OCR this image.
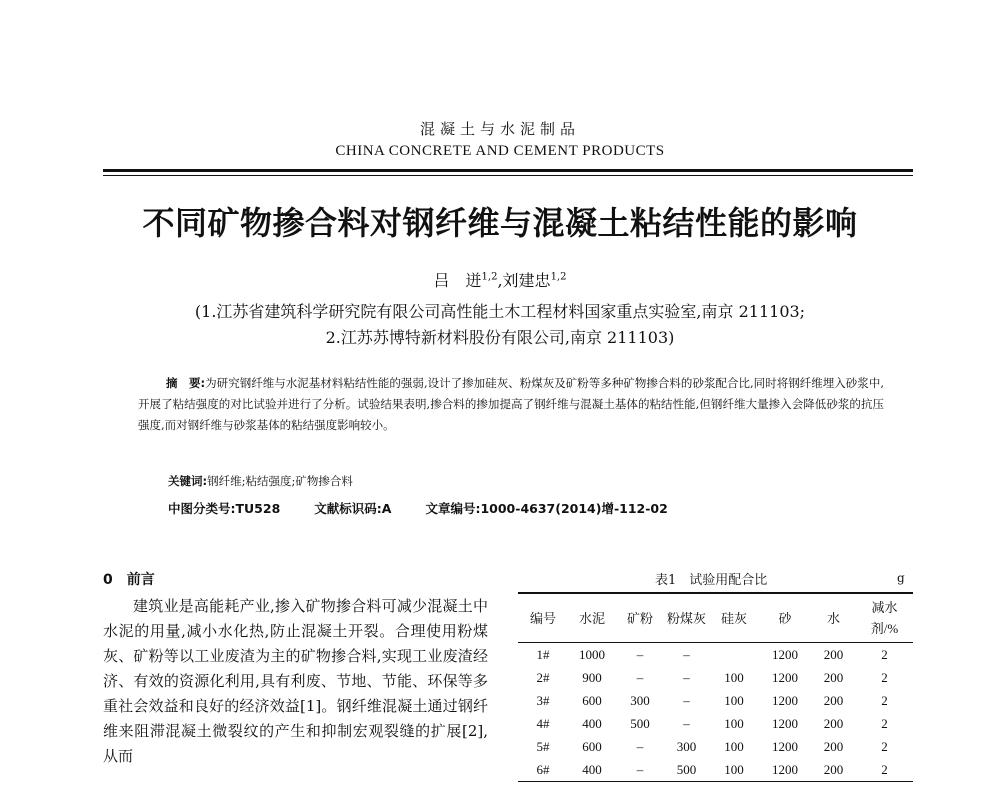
混凝土与水泥制品
CHINA CONCRETE AND CEMENT PRODUCTS
不同矿物掺合料对钢纤维与混凝土粘结性能的影响
吕　迸$^{1,2}$,刘建忠$^{1,2}$
(1.江苏省建筑科学研究院有限公司高性能土木工程材料国家重点实验室,南京 211103;
2.江苏苏博特新材料股份有限公司,南京 211103)
摘　要:为研究钢纤维与水泥基材料粘结性能的强弱,设计了掺加硅灰、粉煤灰及矿粉等多种矿物掺合料的砂浆配合比,同时将钢纤维埋入砂浆中,开展了粘结强度的对比试验并进行了分析。试验结果表明,掺合料的掺加提高了钢纤维与混凝土基体的粘结性能,但钢纤维大量掺入会降低砂浆的抗压强度,而对钢纤维与砂浆基体的粘结强度影响较小。
关键词:钢纤维;粘结强度;矿物掺合料
中图分类号:TU528	文献标识码:A	文章编号:1000-4637(2014)增-112-02
0　前言

建筑业是高能耗产业,掺入矿物掺合料可减少混凝土中水泥的用量,减小水化热,防止混凝土开裂。合理使用粉煤灰、矿粉等以工业废渣为主的矿物掺合料,实现工业废渣经济、有效的资源化利用,具有利废、节地、节能、环保等多重社会效益和良好的经济效益[1]。钢纤维混凝土通过钢纤维来阻滞混凝土微裂纹的产生和抑制宏观裂缝的扩展[2],从而

表1　试验用配合比	g
编号	水泥	矿粉	粉煤灰	硅灰	砂	水	减水剂/%
1#	1000	–	–		1200	200	2
2#	900	–	–	100	1200	200	2
3#	600	300	–	100	1200	200	2
4#	400	500	–	100	1200	200	2
5#	600	–	300	100	1200	200	2
6#	400	–	500	100	1200	200	2
